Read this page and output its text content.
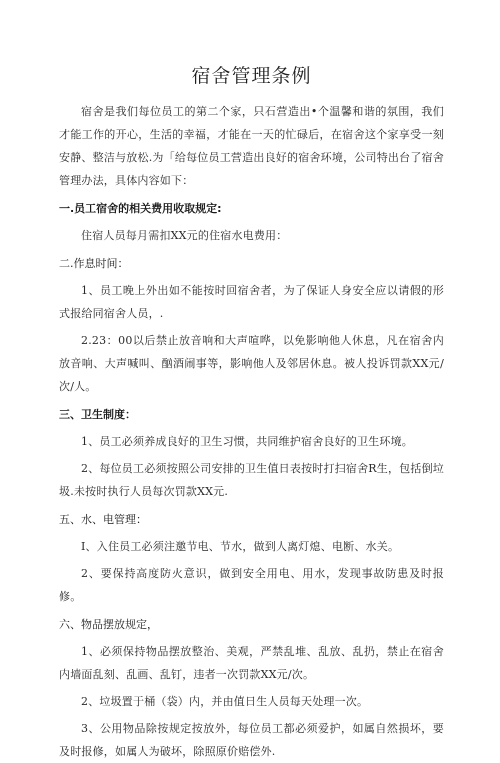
宿舍管理条例

宿舍是我们每位员工的第二个家，只石营造出•个温馨和谐的氛围，我们才能工作的开心，生活的幸福，才能在一天的忙碌后，在宿舍这个家享受一刻安静、整洁与放松.为「给每位员工营造出良好的宿舍环境，公司特出台了宿舍管理办法，具体内容如下：

一.员工宿舍的相关费用收取规定:

住宿人员每月需扣XX元的住宿水电费用：

二.作息时间：

1、员工晚上外出如不能按时回宿舍者，为了保证人身安全应以请假的形式报给同宿舍人员，.

2.23：00以后禁止放音响和大声喧哗，以免影响他人休息，凡在宿舍内放音响、大声喊叫、酗酒闹事等，影响他人及邻居休息。被人投诉罚款XX元/次/人。

三、卫生制度：

1、员工必须养成良好的卫生习惯，共同维护宿舍良好的卫生环境。

2、每位员工必须按照公司安排的卫生值日表按时打扫宿舍R生，包括倒垃圾.未按时执行人员每次罚款XX元.

五、水、电管理：

I、入住员工必须注邀节电、节水，做到人离灯熄、电断、水关。

2、要保持高度防火意识，做到安全用电、用水，发现事故防患及时报修。

六、物品摆放规定，

1、必须保持物品摆放整治、美观，严禁乱堆、乱放、乱扔，禁止在宿舍内墙面乱刻、乱画、乱钉，违者一次罚款XX元/次。

2、垃圾置于桶（袋）内，并由值日生人员每天处理一次。

3、公用物品除按规定按放外，每位员工都必须爱护，如属自然损坏，要及时报修，如属人为破坏，除照原价赔偿外.
